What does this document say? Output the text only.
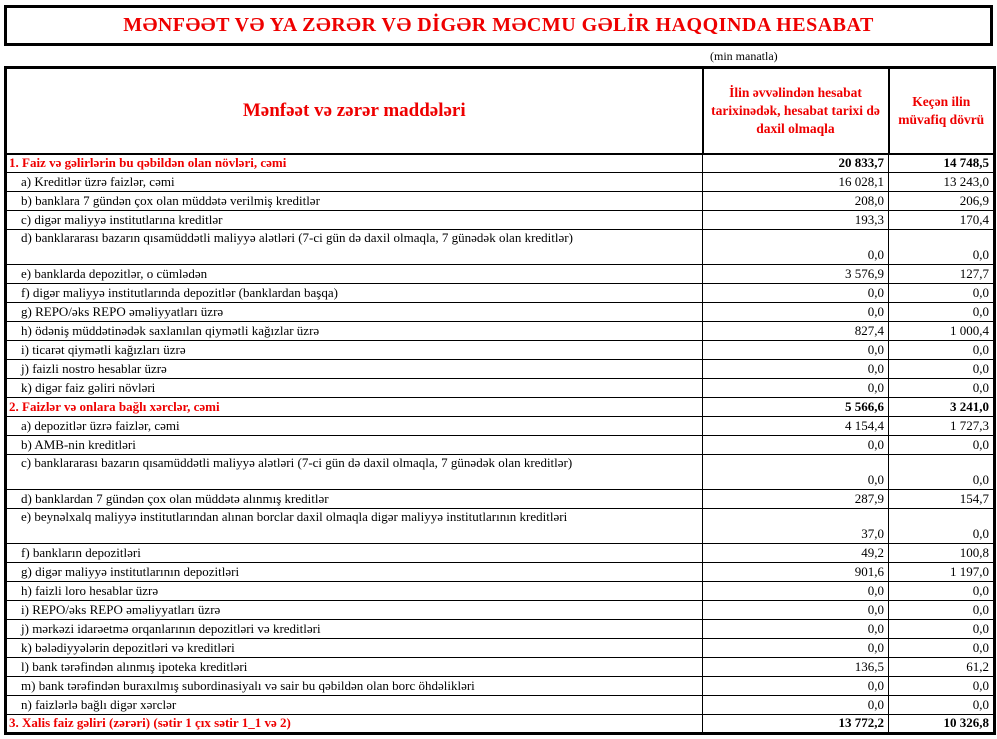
MƏNFƏƏT VƏ YA ZƏRƏR VƏ DİGƏR MƏCMU GƏLİR HAQQINDA HESABAT
(min manatla)
Mənfəət və zərər maddələri	İlin əvvəlindən hesabat tarixinədək, hesabat tarixi də daxil olmaqla	Keçən ilin müvafiq dövrü
1. Faiz və gəlirlərin bu qəbildən olan növləri, cəmi	20 833,7	14 748,5
a) Kreditlər üzrə faizlər, cəmi	16 028,1	13 243,0
b) banklara 7 gündən çox olan müddətə verilmiş kreditlər	208,0	206,9
c) digər maliyyə institutlarına kreditlər	193,3	170,4
d) banklararası bazarın qısamüddətli maliyyə alətləri (7-ci gün də daxil olmaqla, 7 günədək olan kreditlər)	0,0	0,0
e) banklarda depozitlər, o cümlədən	3 576,9	127,7
f) digər maliyyə institutlarında depozitlər (banklardan başqa)	0,0	0,0
g) REPO/əks REPO əməliyyatları üzrə	0,0	0,0
h) ödəniş müddətinədək saxlanılan qiymətli kağızlar üzrə	827,4	1 000,4
i) ticarət qiymətli kağızları üzrə	0,0	0,0
j) faizli nostro hesablar üzrə	0,0	0,0
k) digər faiz gəliri növləri	0,0	0,0
2. Faizlər və onlara bağlı xərclər, cəmi	5 566,6	3 241,0
a) depozitlər üzrə faizlər, cəmi	4 154,4	1 727,3
b) AMB-nin kreditləri	0,0	0,0
c) banklararası bazarın qısamüddətli maliyyə alətləri (7-ci gün də daxil olmaqla, 7 günədək olan kreditlər)	0,0	0,0
d) banklardan 7 gündən çox olan müddətə alınmış kreditlər	287,9	154,7
e) beynəlxalq maliyyə institutlarından alınan borclar daxil olmaqla digər maliyyə institutlarının kreditləri	37,0	0,0
f) bankların depozitləri	49,2	100,8
g) digər maliyyə institutlarının depozitləri	901,6	1 197,0
h) faizli loro hesablar üzrə	0,0	0,0
i) REPO/əks REPO əməliyyatları üzrə	0,0	0,0
j) mərkəzi idarəetmə orqanlarının depozitləri və kreditləri	0,0	0,0
k) bələdiyyələrin depozitləri və kreditləri	0,0	0,0
l) bank tərəfindən alınmış ipoteka kreditləri	136,5	61,2
m) bank tərəfindən buraxılmış subordinasiyalı və sair bu qəbildən olan borc öhdəlikləri	0,0	0,0
n) faizlərlə bağlı digər xərclər	0,0	0,0
3. Xalis faiz gəliri (zərəri) (sətir 1 çıx sətir 1_1 və 2)	13 772,2	10 326,8
